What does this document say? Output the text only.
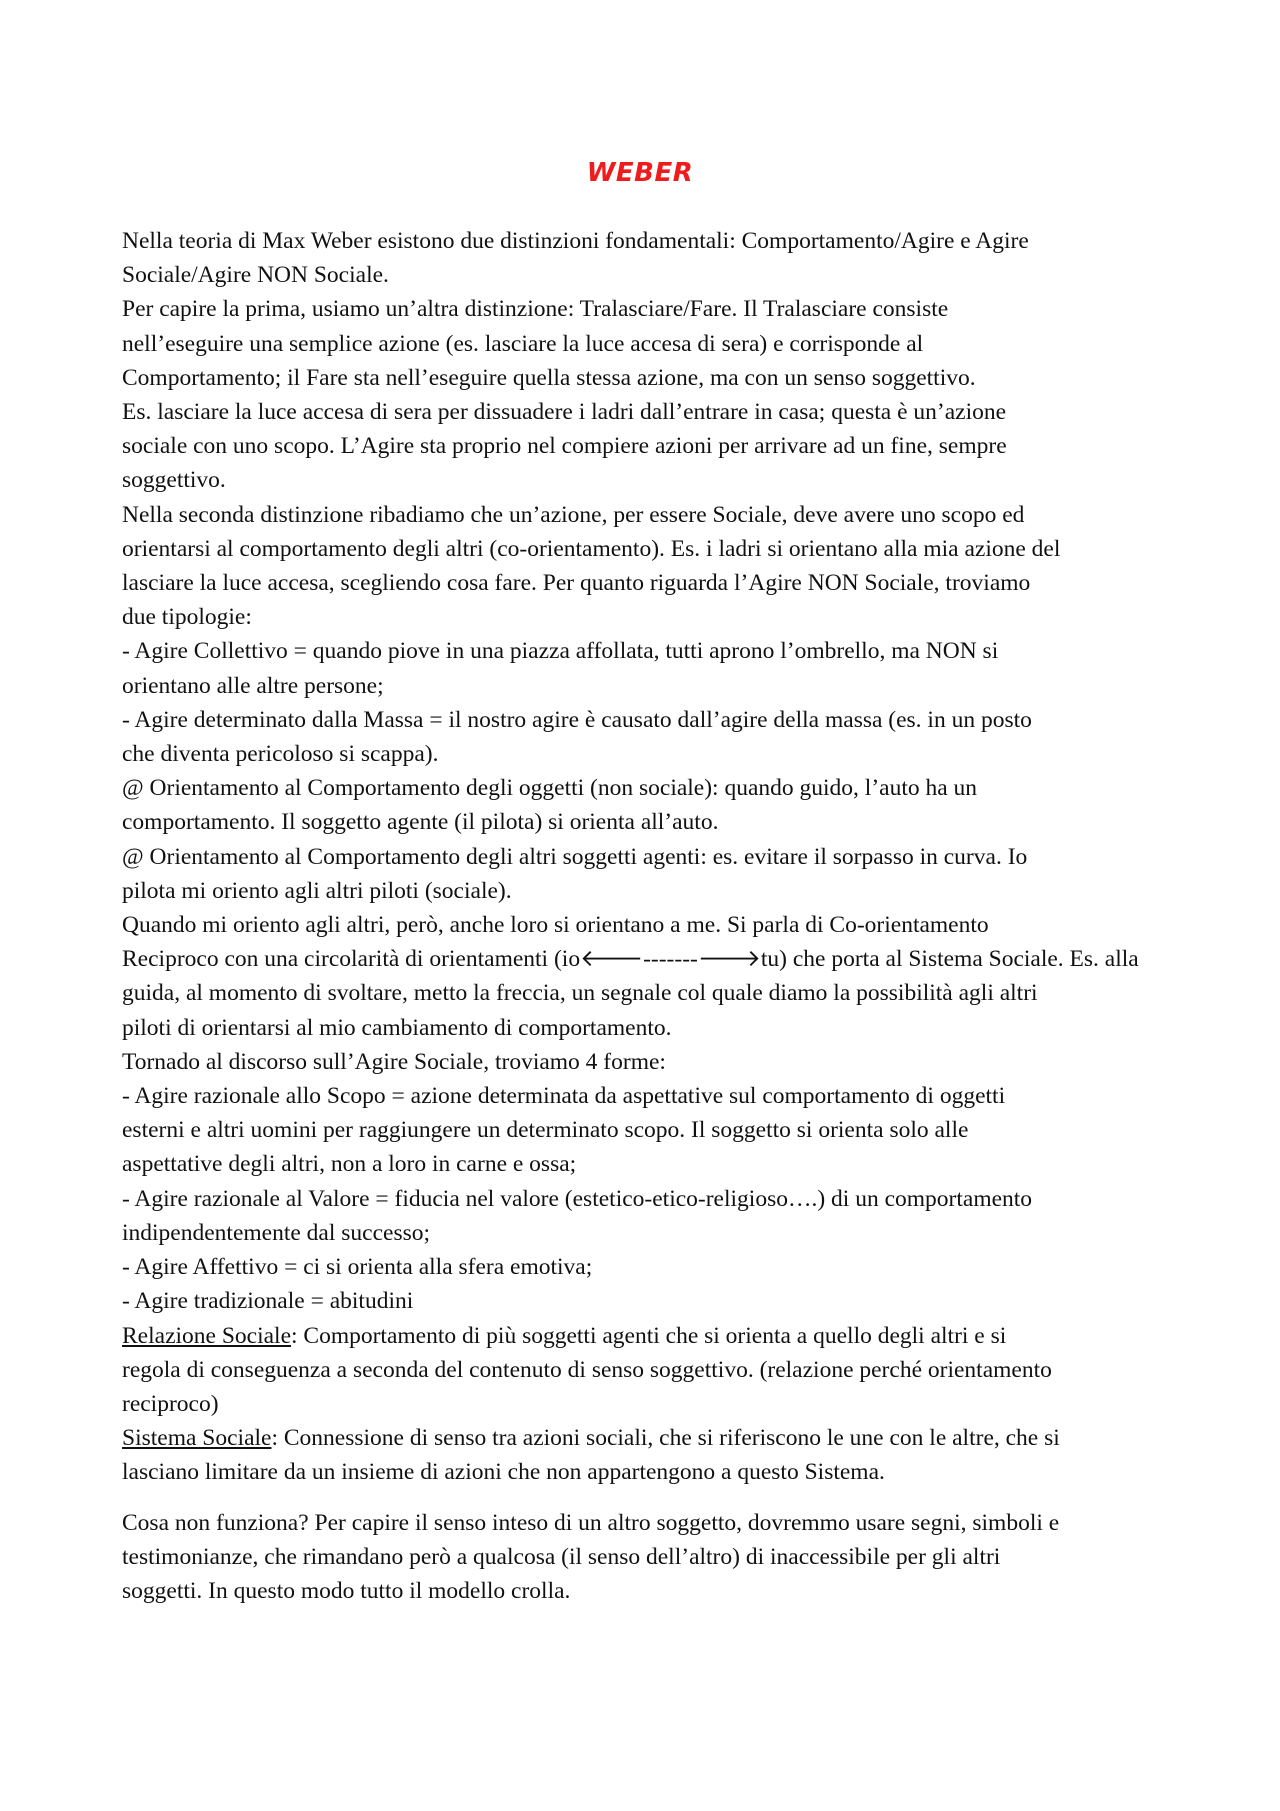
WEBER

Nella teoria di Max Weber esistono due distinzioni fondamentali: Comportamento/Agire e Agire

Sociale/Agire NON Sociale.

Per capire la prima, usiamo un’altra distinzione: Tralasciare/Fare. Il Tralasciare consiste

nell’eseguire una semplice azione (es. lasciare la luce accesa di sera) e corrisponde al

Comportamento; il Fare sta nell’eseguire quella stessa azione, ma con un senso soggettivo.

Es. lasciare la luce accesa di sera per dissuadere i ladri dall’entrare in casa; questa è un’azione

sociale con uno scopo. L’Agire sta proprio nel compiere azioni per arrivare ad un fine, sempre

soggettivo.

Nella seconda distinzione ribadiamo che un’azione, per essere Sociale, deve avere uno scopo ed

orientarsi al comportamento degli altri (co-orientamento). Es. i ladri si orientano alla mia azione del

lasciare la luce accesa, scegliendo cosa fare. Per quanto riguarda l’Agire NON Sociale, troviamo

due tipologie:

- Agire Collettivo = quando piove in una piazza affollata, tutti aprono l’ombrello, ma NON si

orientano alle altre persone;

- Agire determinato dalla Massa = il nostro agire è causato dall’agire della massa (es. in un posto

che diventa pericoloso si scappa).

@ Orientamento al Comportamento degli oggetti (non sociale): quando guido, l’auto ha un

comportamento. Il soggetto agente (il pilota) si orienta all’auto.

@ Orientamento al Comportamento degli altri soggetti agenti: es. evitare il sorpasso in curva. Io

pilota mi oriento agli altri piloti (sociale).

Quando mi oriento agli altri, però, anche loro si orientano a me. Si parla di Co-orientamento

Reciproco con una circolarità di orientamenti (io🡐-------🡒tu) che porta al Sistema Sociale. Es. alla

guida, al momento di svoltare, metto la freccia, un segnale col quale diamo la possibilità agli altri

piloti di orientarsi al mio cambiamento di comportamento.

Tornado al discorso sull’Agire Sociale, troviamo 4 forme:

- Agire razionale allo Scopo = azione determinata da aspettative sul comportamento di oggetti

esterni e altri uomini per raggiungere un determinato scopo. Il soggetto si orienta solo alle

aspettative degli altri, non a loro in carne e ossa;

- Agire razionale al Valore = fiducia nel valore (estetico-etico-religioso….) di un comportamento

indipendentemente dal successo;

- Agire Affettivo = ci si orienta alla sfera emotiva;

- Agire tradizionale = abitudini

Relazione Sociale: Comportamento di più soggetti agenti che si orienta a quello degli altri e si

regola di conseguenza a seconda del contenuto di senso soggettivo. (relazione perché orientamento

reciproco)

Sistema Sociale: Connessione di senso tra azioni sociali, che si riferiscono le une con le altre, che si

lasciano limitare da un insieme di azioni che non appartengono a questo Sistema.

Cosa non funziona? Per capire il senso inteso di un altro soggetto, dovremmo usare segni, simboli e

testimonianze, che rimandano però a qualcosa (il senso dell’altro) di inaccessibile per gli altri

soggetti. In questo modo tutto il modello crolla.
